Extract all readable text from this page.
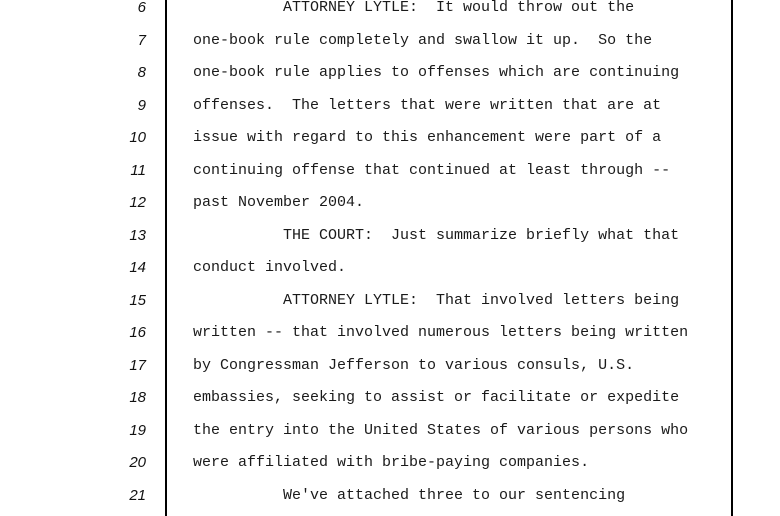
6	ATTORNEY LYTLE:  It would throw out the
7	one-book rule completely and swallow it up.  So the
8	one-book rule applies to offenses which are continuing
9	offenses.  The letters that were written that are at
10	issue with regard to this enhancement were part of a
11	continuing offense that continued at least through --
12	past November 2004.
13	THE COURT:  Just summarize briefly what that
14	conduct involved.
15	ATTORNEY LYTLE:  That involved letters being
16	written -- that involved numerous letters being written
17	by Congressman Jefferson to various consuls, U.S.
18	embassies, seeking to assist or facilitate or expedite
19	the entry into the United States of various persons who
20	were affiliated with bribe-paying companies.
21	We've attached three to our sentencing
